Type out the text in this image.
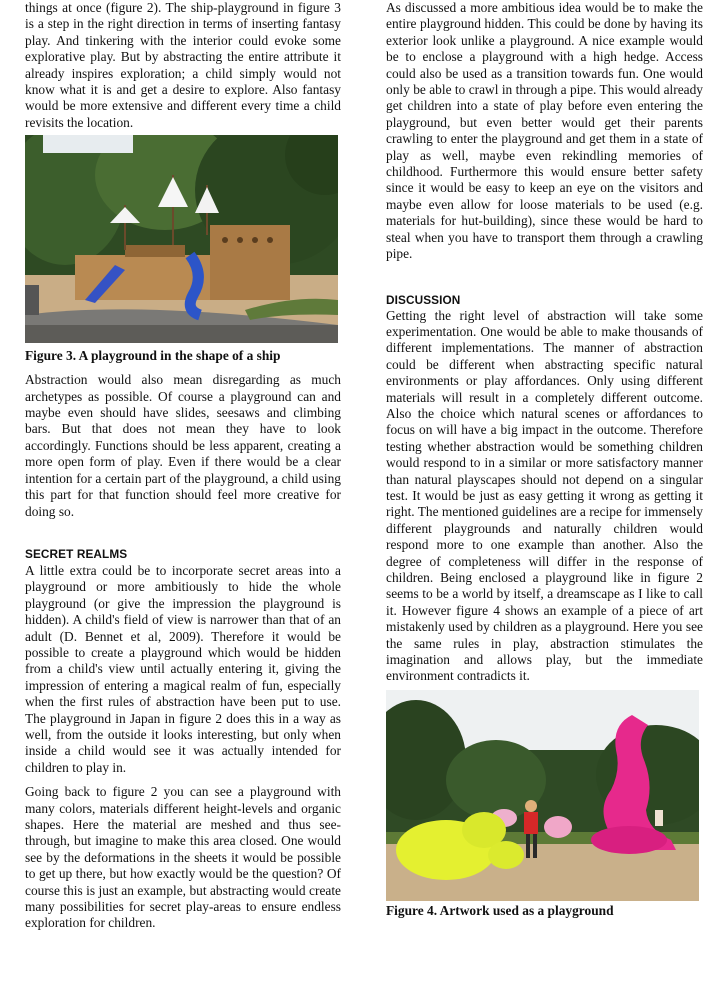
things at once (figure 2). The ship-playground in figure 3 is a step in the right direction in terms of inserting fantasy play. And tinkering with the interior could evoke some explorative play. But by abstracting the entire attribute it already inspires exploration; a child simply would not know what it is and get a desire to explore. Also fantasy would be more extensive and different every time a child revisits the location.

Figure 3. A playground in the shape of a ship

Abstraction would also mean disregarding as much archetypes as possible. Of course a playground can and maybe even should have slides, seesaws and climbing bars. But that does not mean they have to look accordingly. Functions should be less apparent, creating a more open form of play. Even if there would be a clear intention for a certain part of the playground, a child using this part for that function should feel more creative for doing so.

SECRET REALMS

A little extra could be to incorporate secret areas into a playground or more ambitiously to hide the whole playground (or give the impression the playground is hidden). A child's field of view is narrower than that of an adult (D. Bennet et al, 2009). Therefore it would be possible to create a playground which would be hidden from a child's view until actually entering it, giving the impression of entering a magical realm of fun, especially when the first rules of abstraction have been put to use. The playground in Japan in figure 2 does this in a way as well, from the outside it looks interesting, but only when inside a child would see it was actually intended for children to play in.

Going back to figure 2 you can see a playground with many colors, materials different height-levels and organic shapes. Here the material are meshed and thus see-through, but imagine to make this area closed. One would see by the deformations in the sheets it would be possible to get up there, but how exactly would be the question? Of course this is just an example, but abstracting would create many possibilities for secret play-areas to ensure endless exploration for children.

As discussed a more ambitious idea would be to make the entire playground hidden. This could be done by having its exterior look unlike a playground. A nice example would be to enclose a playground with a high hedge. Access could also be used as a transition towards fun. One would only be able to crawl in through a pipe. This would already get children into a state of play before even entering the playground, but even better would get their parents crawling to enter the playground and get them in a state of play as well, maybe even rekindling memories of childhood. Furthermore this would ensure better safety since it would be easy to keep an eye on the visitors and maybe even allow for loose materials to be used (e.g. materials for hut-building), since these would be hard to steal when you have to transport them through a crawling pipe.

DISCUSSION

Getting the right level of abstraction will take some experimentation. One would be able to make thousands of different implementations. The manner of abstraction could be different when abstracting specific natural environments or play affordances. Only using different materials will result in a completely different outcome. Also the choice which natural scenes or affordances to focus on will have a big impact in the outcome. Therefore testing whether abstraction would be something children would respond to in a similar or more satisfactory manner than natural playscapes should not depend on a singular test. It would be just as easy getting it wrong as getting it right. The mentioned guidelines are a recipe for immensely different playgrounds and naturally children would respond more to one example than another. Also the degree of completeness will differ in the response of children. Being enclosed a playground like in figure 2 seems to be a world by itself, a dreamscape as I like to call it. However figure 4 shows an example of a piece of art mistakenly used by children as a playground. Here you see the same rules in play, abstraction stimulates the imagination and allows play, but the immediate environment contradicts it.

Figure 4. Artwork used as a playground
